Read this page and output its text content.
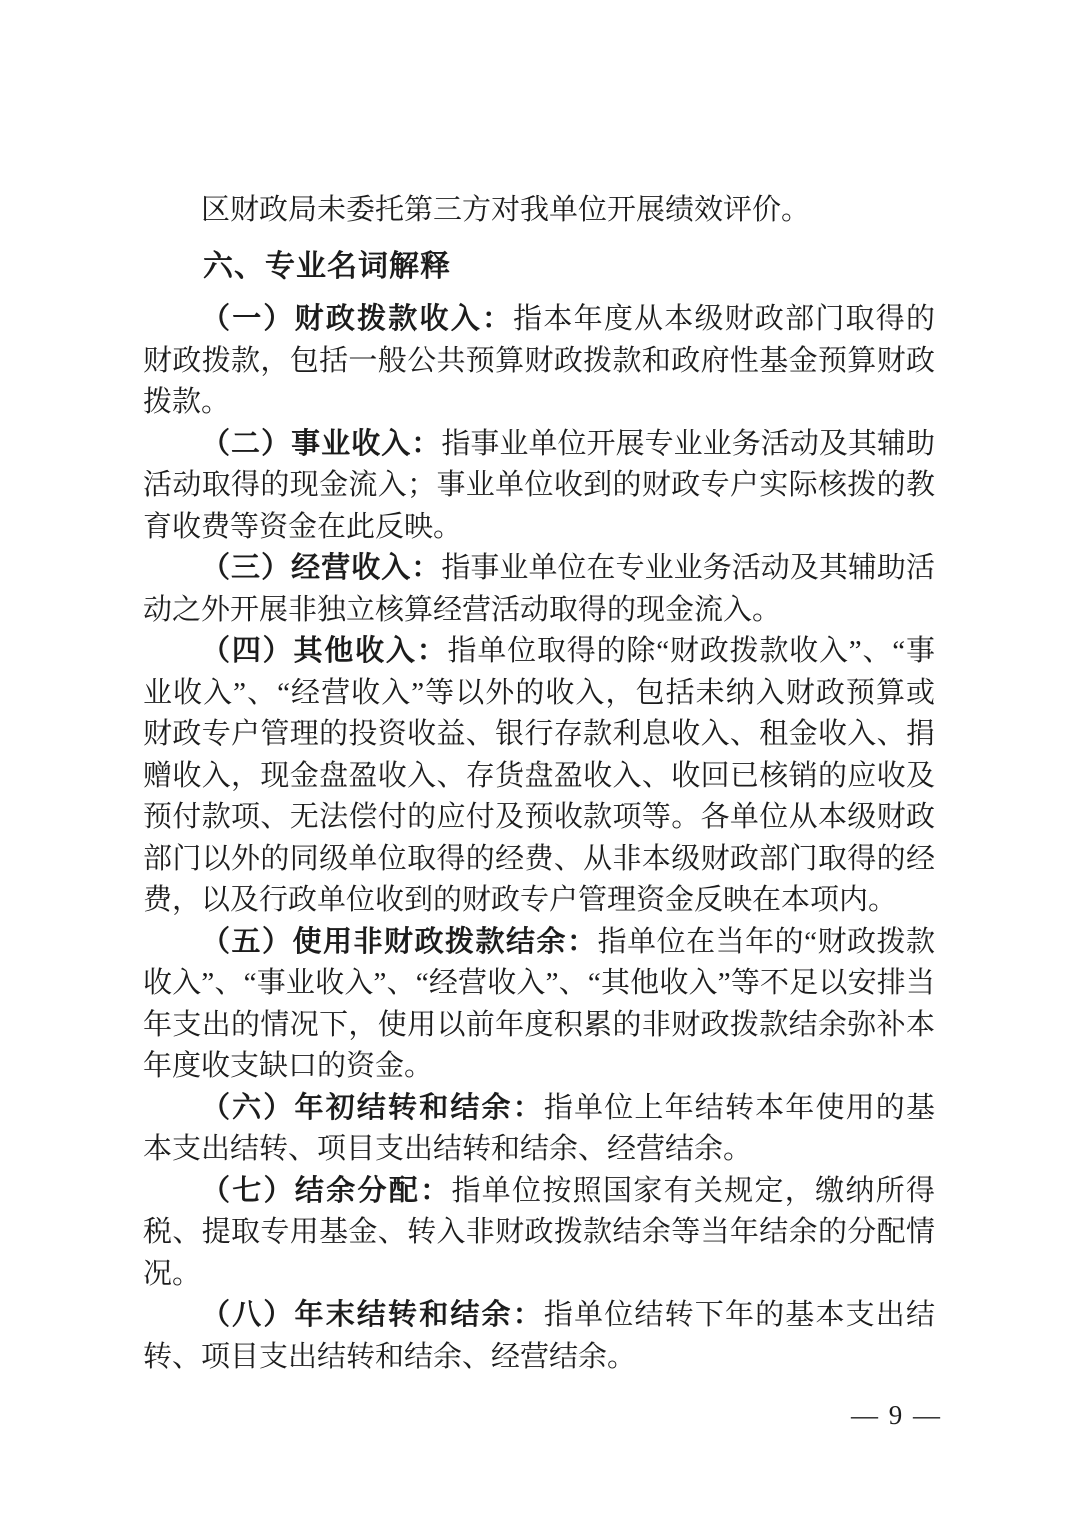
区财政局未委托第三方对我单位开展绩效评价。

六、专业名词解释

（一）财政拨款收入：指本年度从本级财政部门取得的财政拨款，包括一般公共预算财政拨款和政府性基金预算财政拨款。

（二）事业收入：指事业单位开展专业业务活动及其辅助活动取得的现金流入；事业单位收到的财政专户实际核拨的教育收费等资金在此反映。

（三）经营收入：指事业单位在专业业务活动及其辅助活动之外开展非独立核算经营活动取得的现金流入。

（四）其他收入：指单位取得的除“财政拨款收入”、“事业收入”、“经营收入”等以外的收入，包括未纳入财政预算或财政专户管理的投资收益、银行存款利息收入、租金收入、捐赠收入，现金盘盈收入、存货盘盈收入、收回已核销的应收及预付款项、无法偿付的应付及预收款项等。各单位从本级财政部门以外的同级单位取得的经费、从非本级财政部门取得的经费，以及行政单位收到的财政专户管理资金反映在本项内。

（五）使用非财政拨款结余：指单位在当年的“财政拨款收入”、“事业收入”、“经营收入”、“其他收入”等不足以安排当年支出的情况下，使用以前年度积累的非财政拨款结余弥补本年度收支缺口的资金。

（六）年初结转和结余：指单位上年结转本年使用的基本支出结转、项目支出结转和结余、经营结余。

（七）结余分配：指单位按照国家有关规定，缴纳所得税、提取专用基金、转入非财政拨款结余等当年结余的分配情况。

（八）年末结转和结余：指单位结转下年的基本支出结转、项目支出结转和结余、经营结余。

— 9 —
